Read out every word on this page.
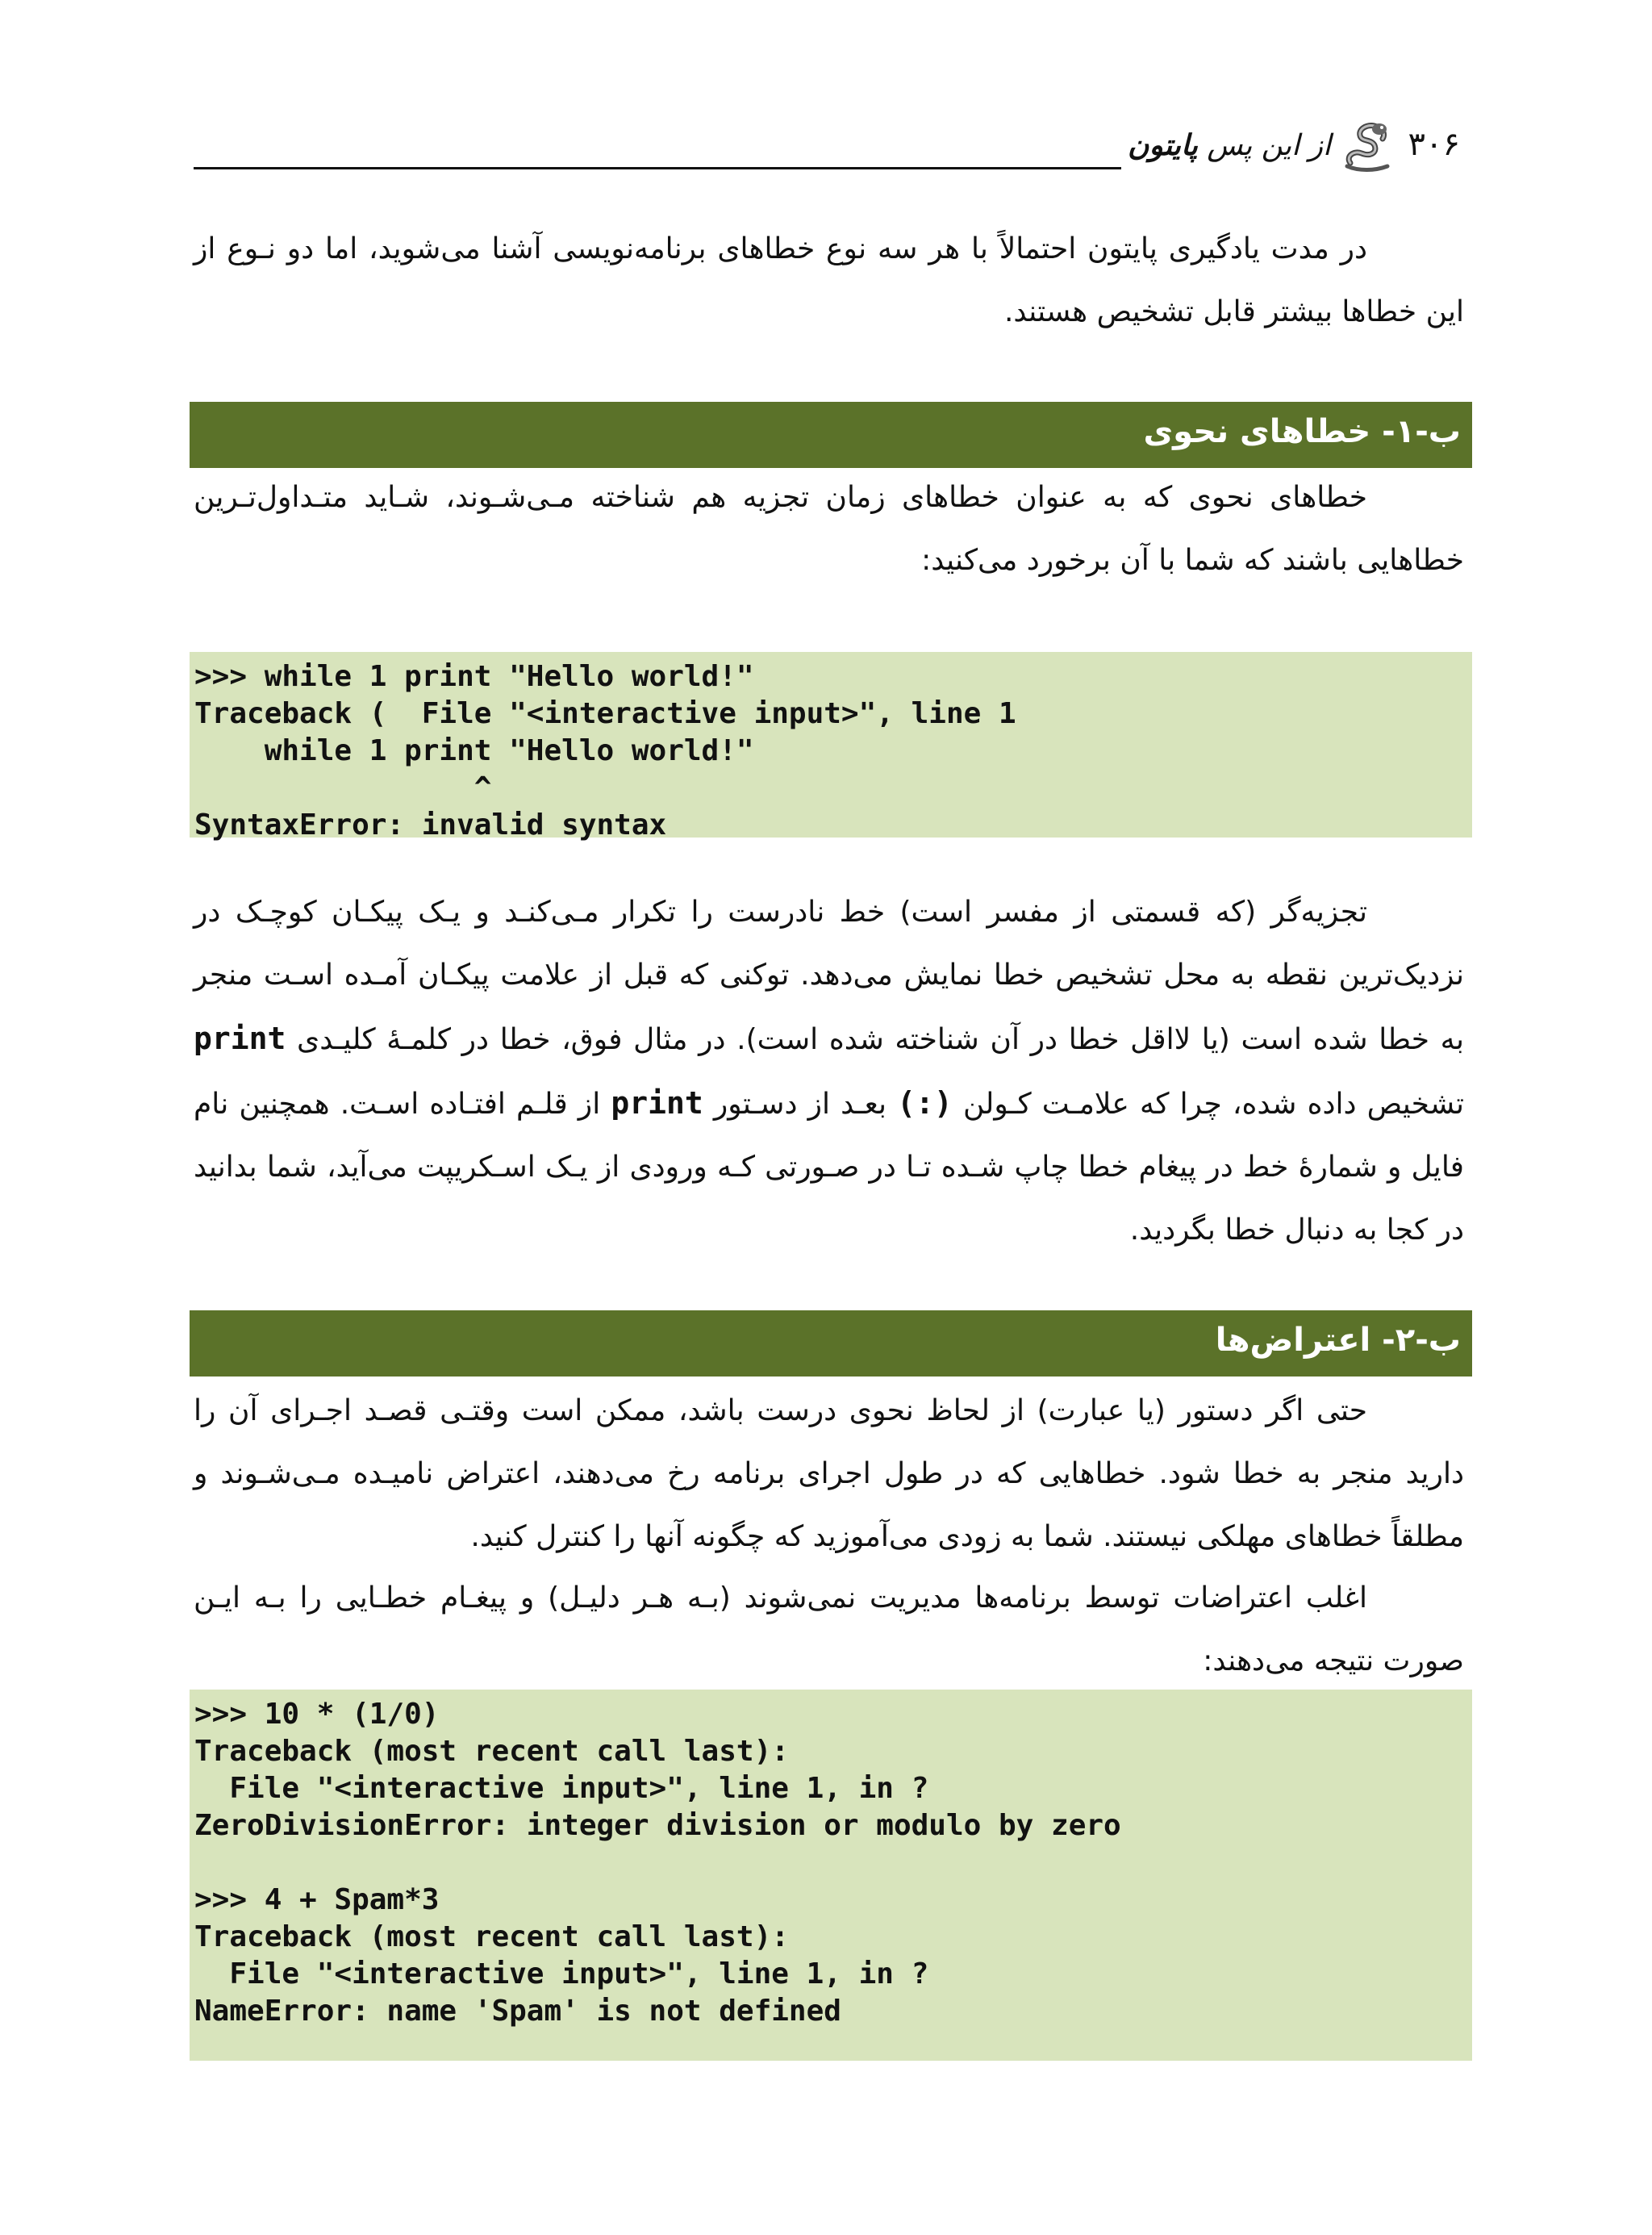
از این پس پایتون	۳۰۶
در مدت یادگیری پایتون احتمالاً با هر سه نوع خطاهای برنامه‌نویسی آشنا می‌شوید، اما دو نـوع از این خطاها بیشتر قابل تشخیص هستند.
ب-۱- خطاهای نحوی
خطاهای نحوی که به عنوان خطاهای زمان تجزیه هم شناخته مـی‌شـوند، شـاید متـداول‌تـرین خطاهایی باشند که شما با آن برخورد می‌کنید:
>>> while 1 print "Hello world!"
Traceback (  File "<interactive input>", line 1
while 1 print "Hello world!"
^
SyntaxError: invalid syntax
تجزیه‌گر (که قسمتی از مفسر است) خط نادرست را تکرار مـی‌کنـد و یـک پیکـان کوچـک در نزدیک‌ترین نقطه به محل تشخیص خطا نمایش می‌دهد. توکنی که قبل از علامت پیکـان آمـده اسـت منجر به خطا شده است (یا لااقل خطا در آن شناخته شده است). در مثال فوق، خطا در کلمـهٔ کلیـدی print تشخیص داده شده، چرا که علامـت کـولن (:) بعـد از دسـتور print از قلـم افتـاده اسـت. همچنین نام فایل و شمارهٔ خط در پیغام خطا چاپ شـده تـا در صـورتی کـه ورودی از یـک اسـکریپت می‌آید، شما بدانید در کجا به دنبال خطا بگردید.
ب-۲- اعتراض‌ها
حتی اگر دستور (یا عبارت) از لحاظ نحوی درست باشد، ممکن است وقتـی قصـد اجـرای آن را دارید منجر به خطا شود. خطاهایی که در طول اجرای برنامه رخ می‌دهند، اعتراض نامیـده مـی‌شـوند و مطلقاً خطاهای مهلکی نیستند. شما به زودی می‌آموزید که چگونه آنها را کنترل کنید.
اغلب اعتراضات توسط برنامه‌ها مدیریت نمی‌شوند (بـه هـر دلیـل) و پیغـام خطـایی را بـه ایـن صورت نتیجه می‌دهند:
>>> 10 * (1/0)
Traceback (most recent call last):
File "<interactive input>", line 1, in ?
ZeroDivisionError: integer division or modulo by zero
>>> 4 + Spam*3
Traceback (most recent call last):
File "<interactive input>", line 1, in ?
NameError: name 'Spam' is not defined
